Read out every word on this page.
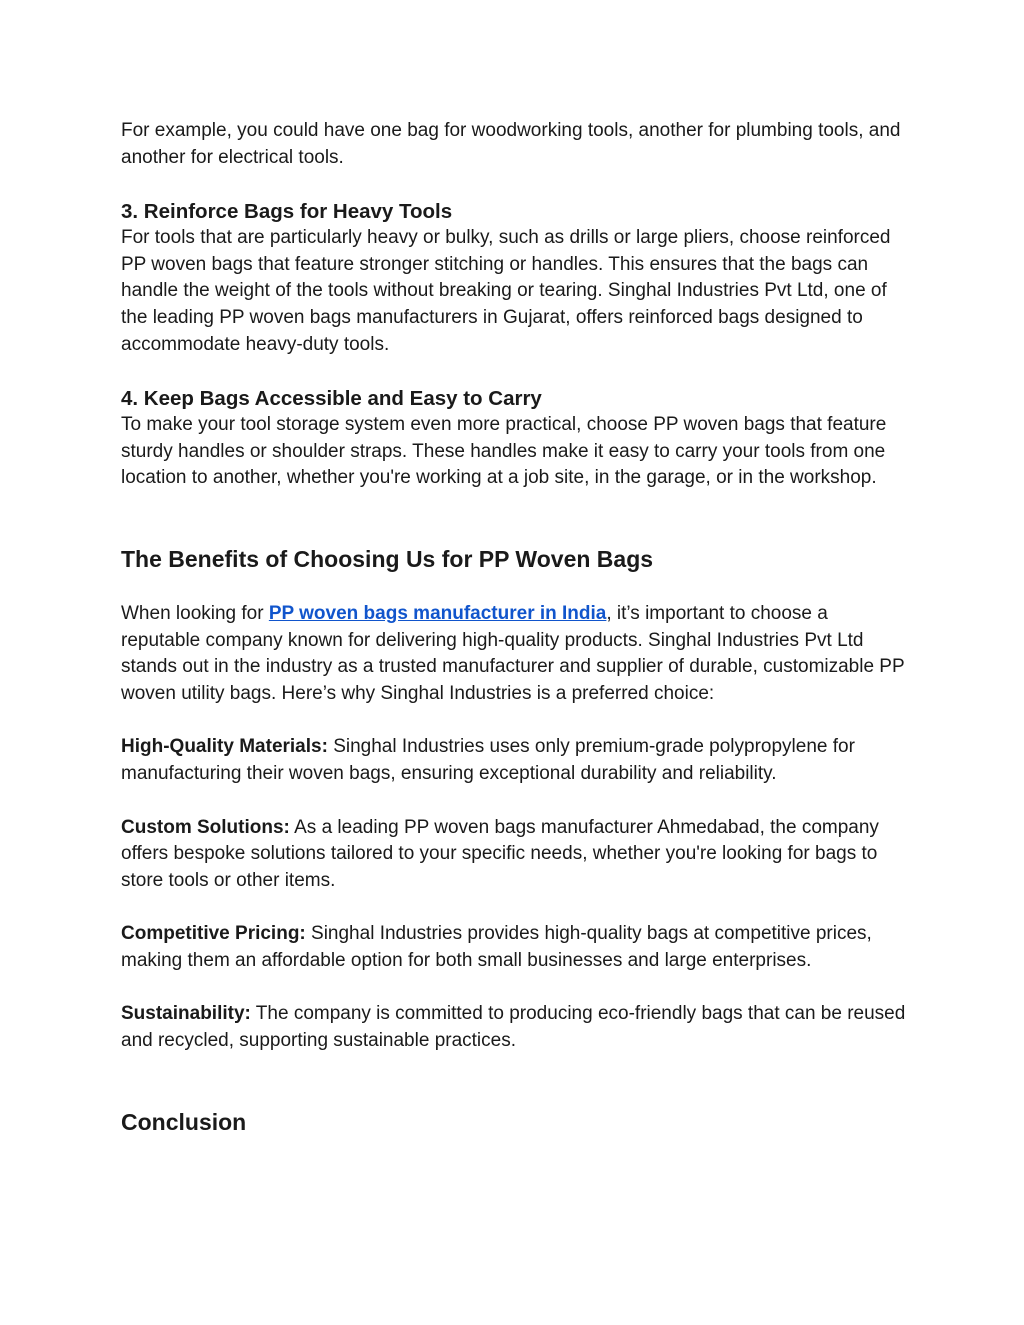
For example, you could have one bag for woodworking tools, another for plumbing tools, and another for electrical tools.

3. Reinforce Bags for Heavy Tools

For tools that are particularly heavy or bulky, such as drills or large pliers, choose reinforced PP woven bags that feature stronger stitching or handles. This ensures that the bags can handle the weight of the tools without breaking or tearing. Singhal Industries Pvt Ltd, one of the leading PP woven bags manufacturers in Gujarat, offers reinforced bags designed to accommodate heavy-duty tools.

4. Keep Bags Accessible and Easy to Carry

To make your tool storage system even more practical, choose PP woven bags that feature sturdy handles or shoulder straps. These handles make it easy to carry your tools from one location to another, whether you're working at a job site, in the garage, or in the workshop.

The Benefits of Choosing Us for PP Woven Bags

When looking for PP woven bags manufacturer in India, it’s important to choose a reputable company known for delivering high-quality products. Singhal Industries Pvt Ltd stands out in the industry as a trusted manufacturer and supplier of durable, customizable PP woven utility bags. Here’s why Singhal Industries is a preferred choice:

High-Quality Materials: Singhal Industries uses only premium-grade polypropylene for manufacturing their woven bags, ensuring exceptional durability and reliability.

Custom Solutions: As a leading PP woven bags manufacturer Ahmedabad, the company offers bespoke solutions tailored to your specific needs, whether you're looking for bags to store tools or other items.

Competitive Pricing: Singhal Industries provides high-quality bags at competitive prices, making them an affordable option for both small businesses and large enterprises.

Sustainability: The company is committed to producing eco-friendly bags that can be reused and recycled, supporting sustainable practices.

Conclusion
